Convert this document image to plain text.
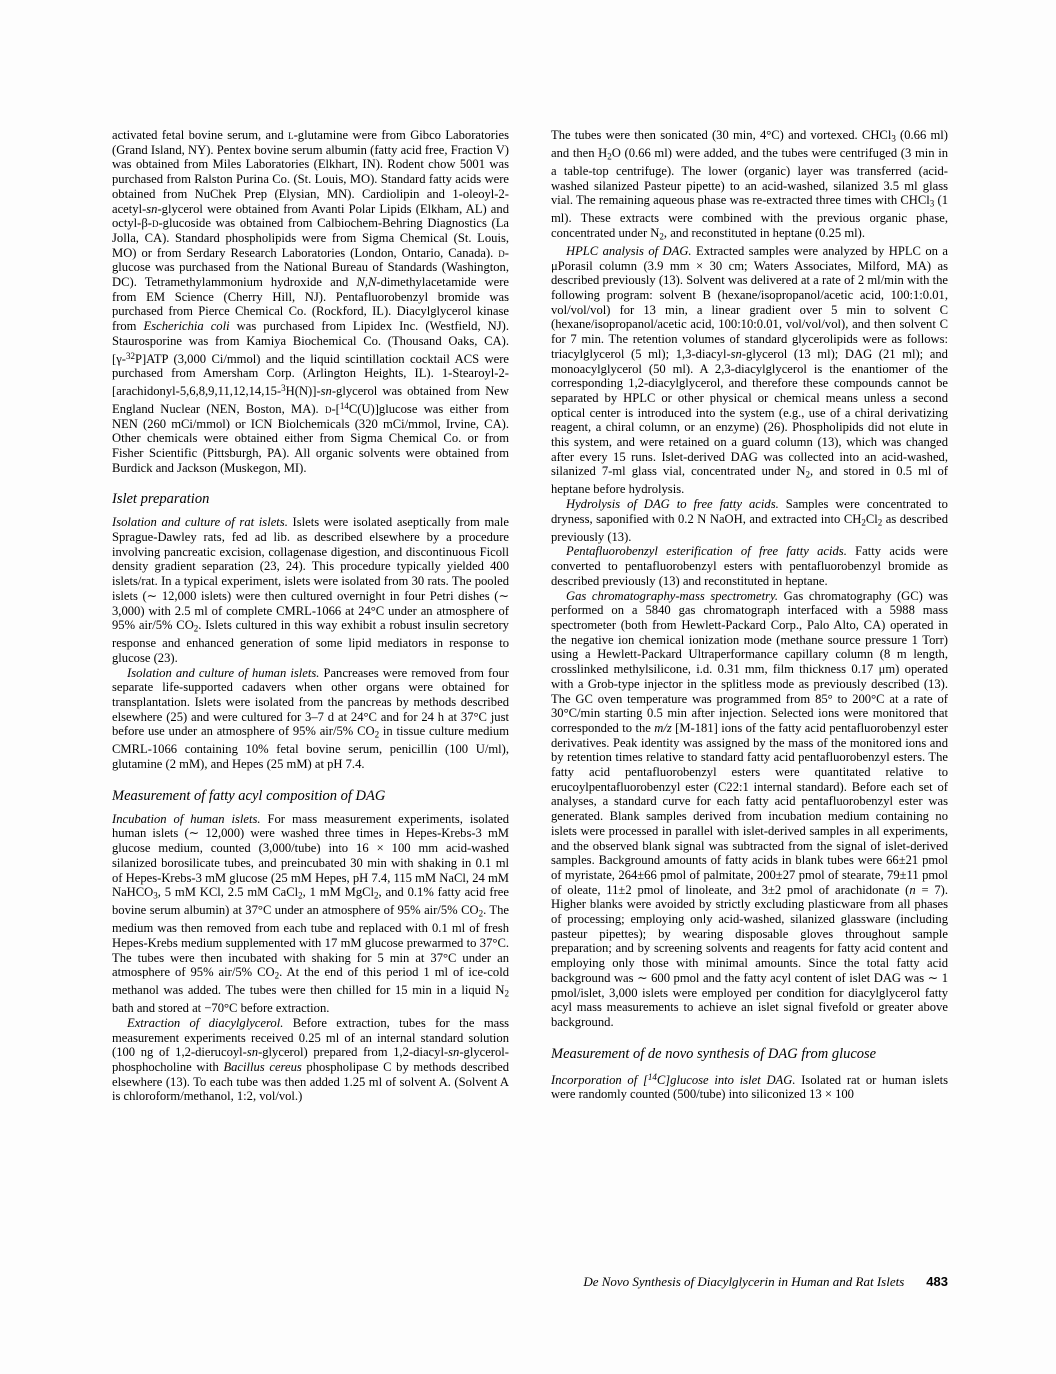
activated fetal bovine serum, and l-glutamine were from Gibco Laboratories (Grand Island, NY). Pentex bovine serum albumin (fatty acid free, Fraction V) was obtained from Miles Laboratories (Elkhart, IN). Rodent chow 5001 was purchased from Ralston Purina Co. (St. Louis, MO). Standard fatty acids were obtained from NuChek Prep (Elysian, MN). Cardiolipin and 1-oleoyl-2-acetyl-sn-glycerol were obtained from Avanti Polar Lipids (Elkham, AL) and octyl-β-d-glucoside was obtained from Calbiochem-Behring Diagnostics (La Jolla, CA). Standard phospholipids were from Sigma Chemical (St. Louis, MO) or from Serdary Research Laboratories (London, Ontario, Canada). d-glucose was purchased from the National Bureau of Standards (Washington, DC). Tetramethylammonium hydroxide and N,N-dimethylacetamide were from EM Science (Cherry Hill, NJ). Pentafluorobenzyl bromide was purchased from Pierce Chemical Co. (Rockford, IL). Diacylglycerol kinase from Escherichia coli was purchased from Lipidex Inc. (Westfield, NJ). Staurosporine was from Kamiya Biochemical Co. (Thousand Oaks, CA). [γ-$^{32}$P]ATP (3,000 Ci/mmol) and the liquid scintillation cocktail ACS were purchased from Amersham Corp. (Arlington Heights, IL). 1-Stearoyl-2-[arachidonyl-5,6,8,9,11,12,14,15-$^3$H(N)]-sn-glycerol was obtained from New England Nuclear (NEN, Boston, MA). d-[$^{14}$C(U)]glucose was either from NEN (260 mCi/mmol) or ICN Biolchemicals (320 mCi/mmol, Irvine, CA). Other chemicals were obtained either from Sigma Chemical Co. or from Fisher Scientific (Pittsburgh, PA). All organic solvents were obtained from Burdick and Jackson (Muskegon, MI).

Islet preparation

Isolation and culture of rat islets. Islets were isolated aseptically from male Sprague-Dawley rats, fed ad lib. as described elsewhere by a procedure involving pancreatic excision, collagenase digestion, and discontinuous Ficoll density gradient separation (23, 24). This procedure typically yielded 400 islets/rat. In a typical experiment, islets were isolated from 30 rats. The pooled islets (∼ 12,000 islets) were then cultured overnight in four Petri dishes (∼ 3,000) with 2.5 ml of complete CMRL-1066 at 24°C under an atmosphere of 95% air/5% $CO_2$. Islets cultured in this way exhibit a robust insulin secretory response and enhanced generation of some lipid mediators in response to glucose (23).

Isolation and culture of human islets. Pancreases were removed from four separate life-supported cadavers when other organs were obtained for transplantation. Islets were isolated from the pancreas by methods described elsewhere (25) and were cultured for 3–7 d at 24°C and for 24 h at 37°C just before use under an atmosphere of 95% air/5% $CO_2$ in tissue culture medium CMRL-1066 containing 10% fetal bovine serum, penicillin (100 U/ml), glutamine (2 mM), and Hepes (25 mM) at pH 7.4.

Measurement of fatty acyl composition of DAG

Incubation of human islets. For mass measurement experiments, isolated human islets (∼ 12,000) were washed three times in Hepes-Krebs-3 mM glucose medium, counted (3,000/tube) into 16 × 100 mm acid-washed silanized borosilicate tubes, and preincubated 30 min with shaking in 0.1 ml of Hepes-Krebs-3 mM glucose (25 mM Hepes, pH 7.4, 115 mM NaCl, 24 mM NaHCO$_3$, 5 mM KCl, 2.5 mM CaCl$_2$, 1 mM MgCl$_2$, and 0.1% fatty acid free bovine serum albumin) at 37°C under an atmosphere of 95% air/5% $CO_2$. The medium was then removed from each tube and replaced with 0.1 ml of fresh Hepes-Krebs medium supplemented with 17 mM glucose prewarmed to 37°C. The tubes were then incubated with shaking for 5 min at 37°C under an atmosphere of 95% air/5% $CO_2$. At the end of this period 1 ml of ice-cold methanol was added. The tubes were then chilled for 15 min in a liquid $N_2$ bath and stored at −70°C before extraction.

Extraction of diacylglycerol. Before extraction, tubes for the mass measurement experiments received 0.25 ml of an internal standard solution (100 ng of 1,2-dierucoyl-sn-glycerol) prepared from 1,2-diacyl-sn-glycerol-phosphocholine with Bacillus cereus phospholipase C by methods described elsewhere (13). To each tube was then added 1.25 ml of solvent A. (Solvent A is chloroform/methanol, 1:2, vol/vol.)

The tubes were then sonicated (30 min, 4°C) and vortexed. CHCl$_3$ (0.66 ml) and then $H_2O$ (0.66 ml) were added, and the tubes were centrifuged (3 min in a table-top centrifuge). The lower (organic) layer was transferred (acid-washed silanized Pasteur pipette) to an acid-washed, silanized 3.5 ml glass vial. The remaining aqueous phase was re-extracted three times with CHCl$_3$ (1 ml). These extracts were combined with the previous organic phase, concentrated under $N_2$, and reconstituted in heptane (0.25 ml).

HPLC analysis of DAG. Extracted samples were analyzed by HPLC on a μPorasil column (3.9 mm × 30 cm; Waters Associates, Milford, MA) as described previously (13). Solvent was delivered at a rate of 2 ml/min with the following program: solvent B (hexane/isopropanol/acetic acid, 100:1:0.01, vol/vol/vol) for 13 min, a linear gradient over 5 min to solvent C (hexane/isopropanol/acetic acid, 100:10:0.01, vol/vol/vol), and then solvent C for 7 min. The retention volumes of standard glycerolipids were as follows: triacylglycerol (5 ml); 1,3-diacyl-sn-glycerol (13 ml); DAG (21 ml); and monoacylglycerol (50 ml). A 2,3-diacylglycerol is the enantiomer of the corresponding 1,2-diacylglycerol, and therefore these compounds cannot be separated by HPLC or other physical or chemical means unless a second optical center is introduced into the system (e.g., use of a chiral derivatizing reagent, a chiral column, or an enzyme) (26). Phospholipids did not elute in this system, and were retained on a guard column (13), which was changed after every 15 runs. Islet-derived DAG was collected into an acid-washed, silanized 7-ml glass vial, concentrated under $N_2$, and stored in 0.5 ml of heptane before hydrolysis.

Hydrolysis of DAG to free fatty acids. Samples were concentrated to dryness, saponified with 0.2 N NaOH, and extracted into $CH_2Cl_2$ as described previously (13).

Pentafluorobenzyl esterification of free fatty acids. Fatty acids were converted to pentafluorobenzyl esters with pentafluorobenzyl bromide as described previously (13) and reconstituted in heptane.

Gas chromatography-mass spectrometry. Gas chromatography (GC) was performed on a 5840 gas chromatograph interfaced with a 5988 mass spectrometer (both from Hewlett-Packard Corp., Palo Alto, CA) operated in the negative ion chemical ionization mode (methane source pressure 1 Torr) using a Hewlett-Packard Ultraperformance capillary column (8 m length, crosslinked methylsilicone, i.d. 0.31 mm, film thickness 0.17 μm) operated with a Grob-type injector in the splitless mode as previously described (13). The GC oven temperature was programmed from 85° to 200°C at a rate of 30°C/min starting 0.5 min after injection. Selected ions were monitored that corresponded to the m/z [M-181] ions of the fatty acid pentafluorobenzyl ester derivatives. Peak identity was assigned by the mass of the monitored ions and by retention times relative to standard fatty acid pentafluorobenzyl esters. The fatty acid pentafluorobenzyl esters were quantitated relative to erucoylpentafluorobenzyl ester (C22:1 internal standard). Before each set of analyses, a standard curve for each fatty acid pentafluorobenzyl ester was generated. Blank samples derived from incubation medium containing no islets were processed in parallel with islet-derived samples in all experiments, and the observed blank signal was subtracted from the signal of islet-derived samples. Background amounts of fatty acids in blank tubes were 66±21 pmol of myristate, 264±66 pmol of palmitate, 200±27 pmol of stearate, 79±11 pmol of oleate, 11±2 pmol of linoleate, and 3±2 pmol of arachidonate (n = 7). Higher blanks were avoided by strictly excluding plasticware from all phases of processing; employing only acid-washed, silanized glassware (including pasteur pipettes); by wearing disposable gloves throughout sample preparation; and by screening solvents and reagents for fatty acid content and employing only those with minimal amounts. Since the total fatty acid background was ∼ 600 pmol and the fatty acyl content of islet DAG was ∼ 1 pmol/islet, 3,000 islets were employed per condition for diacylglycerol fatty acyl mass measurements to achieve an islet signal fivefold or greater above background.

Measurement of de novo synthesis of DAG from glucose

Incorporation of [$^{14}$C]glucose into islet DAG. Isolated rat or human islets were randomly counted (500/tube) into siliconized 13 × 100

De Novo Synthesis of Diacylglycerin in Human and Rat Islets 483
